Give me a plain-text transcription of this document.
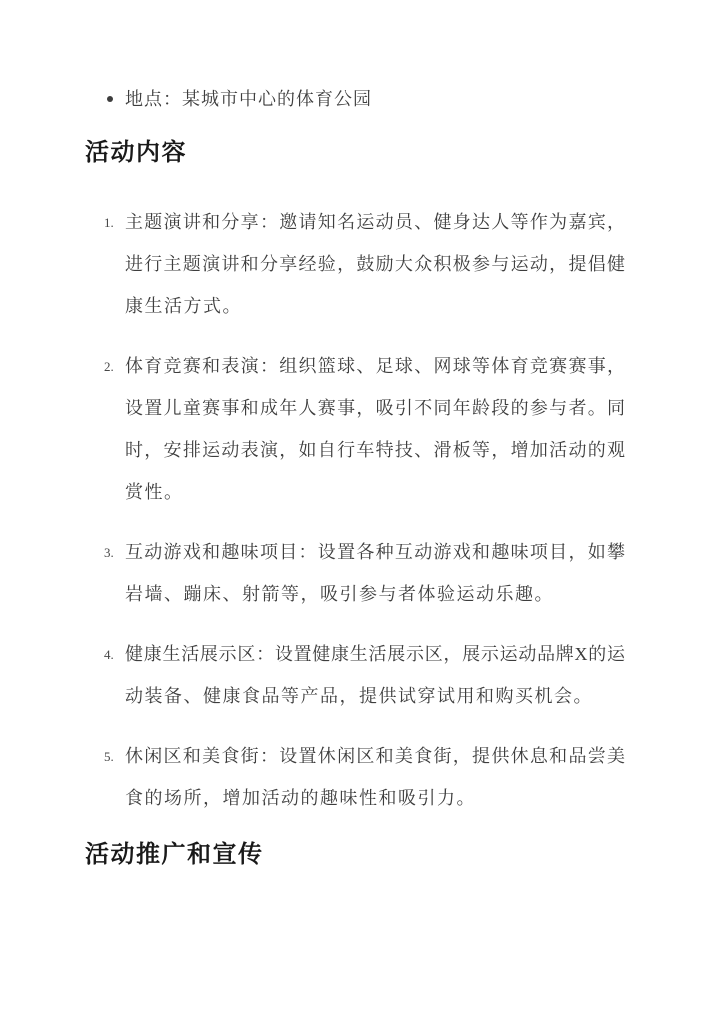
地点：某城市中心的体育公园
活动内容
1. 主题演讲和分享：邀请知名运动员、健身达人等作为嘉宾，
进行主题演讲和分享经验，鼓励大众积极参与运动，提倡健
康生活方式。
2. 体育竞赛和表演：组织篮球、足球、网球等体育竞赛赛事，
设置儿童赛事和成年人赛事，吸引不同年龄段的参与者。同
时，安排运动表演，如自行车特技、滑板等，增加活动的观
赏性。
3. 互动游戏和趣味项目：设置各种互动游戏和趣味项目，如攀
岩墙、蹦床、射箭等，吸引参与者体验运动乐趣。
4. 健康生活展示区：设置健康生活展示区，展示运动品牌X的运
动装备、健康食品等产品，提供试穿试用和购买机会。
5. 休闲区和美食街：设置休闲区和美食街，提供休息和品尝美
食的场所，增加活动的趣味性和吸引力。
活动推广和宣传
